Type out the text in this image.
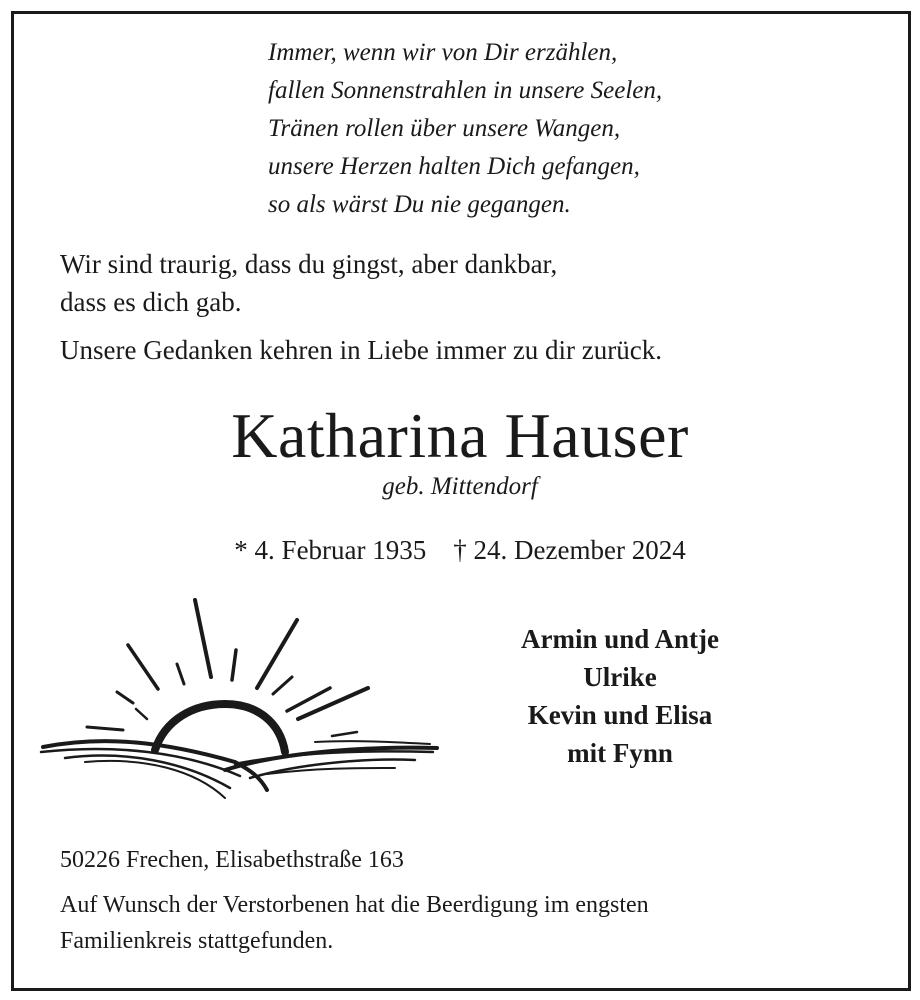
Immer, wenn wir von Dir erzählen,
fallen Sonnenstrahlen in unsere Seelen,
Tränen rollen über unsere Wangen,
unsere Herzen halten Dich gefangen,
so als wärst Du nie gegangen.
Wir sind traurig, dass du gingst, aber dankbar,
dass es dich gab.
Unsere Gedanken kehren in Liebe immer zu dir zurück.
Katharina Hauser
geb. Mittendorf
* 4. Februar 1935 † 24. Dezember 2024
Armin und Antje
Ulrike
Kevin und Elisa
mit Fynn
50226 Frechen, Elisabethstraße 163
Auf Wunsch der Verstorbenen hat die Beerdigung im engsten
Familienkreis stattgefunden.
